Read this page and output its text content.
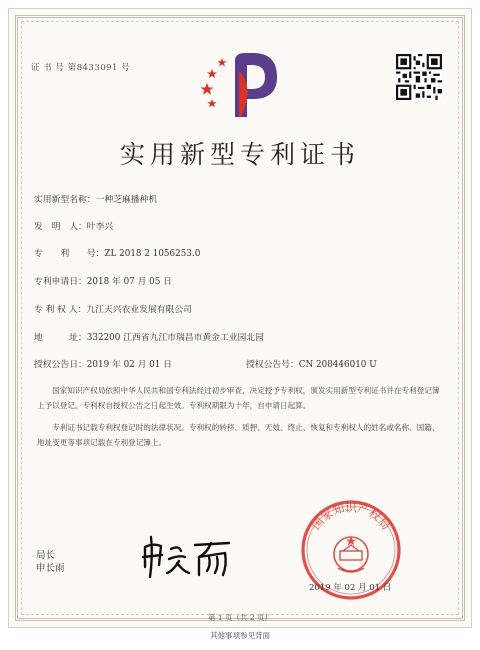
证 书 号 第8433091 号
实用新型专利证书
实用新型名称：一种芝麻播种机
发　明　人：叶李兴
专　　利　　号：ZL 2018 2 1056253.0
专利申请日：2018 年 07 月 05 日
专 利 权 人：九江天兴农业发展有限公司
地　　　址：332200 江西省九江市瑞昌市黄金工业园北园
授权公告日：2019 年 02 月 01 日	授权公告号：CN 208446010 U

国家知识产权局依照中华人民共和国专利法经过初步审查，决定授予专利权，颁发实用新型专利证书并在专利登记簿上予以登记。专利权自授权公告之日起生效。专利权期限为十年，自申请日起算。

专利证书记载专利权登记时的法律状况。专利权的转移、质押、无效、终止、恢复和专利权人的姓名或名称、国籍、地址变更等事项记载在专利登记簿上。

局长
申长雨
国家知识产权局
2019 年 02 月 01 日
第 1 页（共 2 页）
其他事项参见背面
